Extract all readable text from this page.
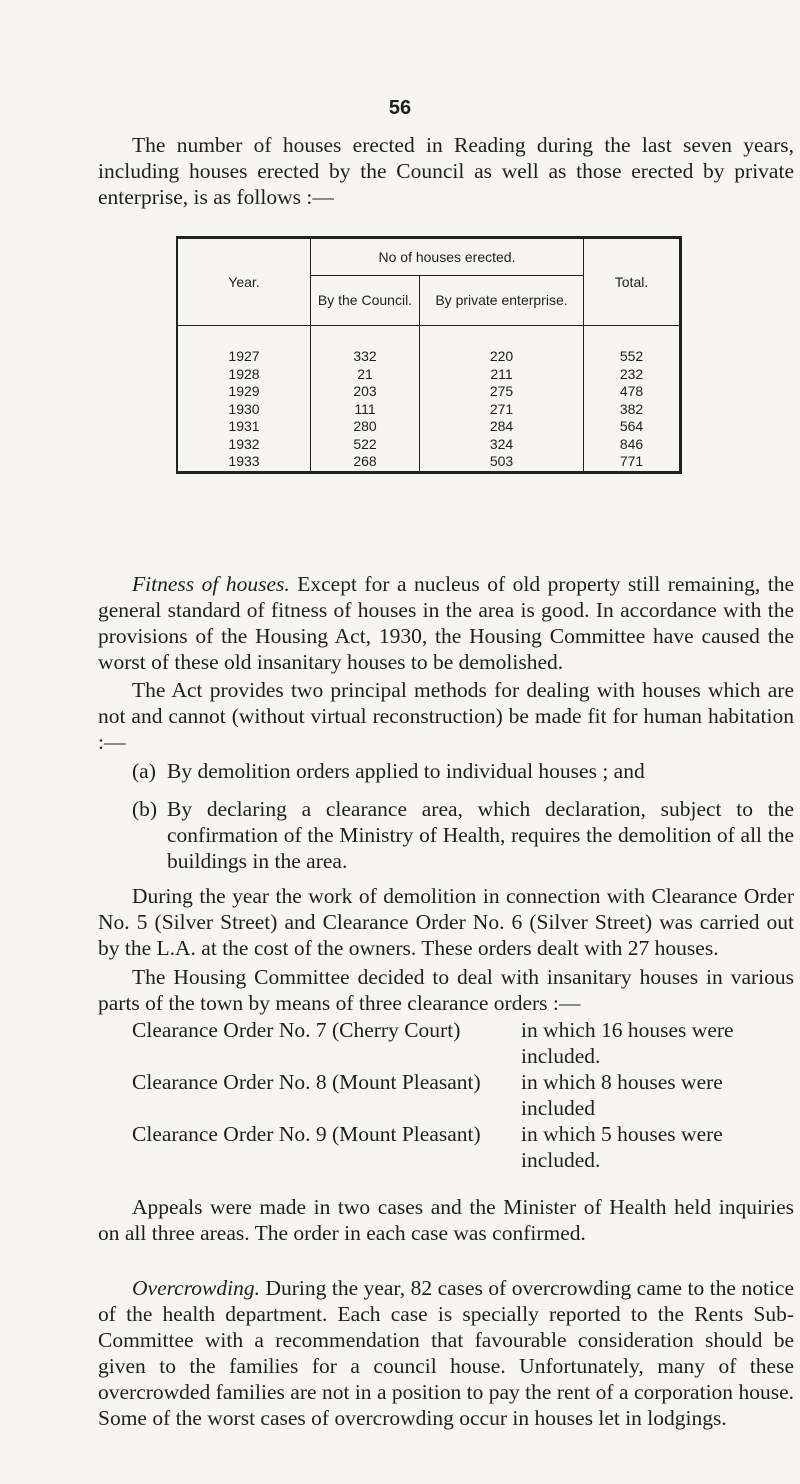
56

The number of houses erected in Reading during the last seven years, including houses erected by the Council as well as those erected by private enterprise, is as follows :—

Year.	No of houses erected.		Total.
	By the Council.	By private enterprise.	
1927	332	220	552
1928	21	211	232
1929	203	275	478
1930	111	271	382
1931	280	284	564
1932	522	324	846
1933	268	503	771

Fitness of houses. Except for a nucleus of old property still remaining, the general standard of fitness of houses in the area is good. In accordance with the provisions of the Housing Act, 1930, the Housing Committee have caused the worst of these old insanitary houses to be demolished.

The Act provides two principal methods for dealing with houses which are not and cannot (without virtual reconstruction) be made fit for human habitation :—

(a) By demolition orders applied to individual houses ; and
(b) By declaring a clearance area, which declaration, subject to the confirmation of the Ministry of Health, requires the demolition of all the buildings in the area.

During the year the work of demolition in connection with Clearance Order No. 5 (Silver Street) and Clearance Order No. 6 (Silver Street) was carried out by the L.A. at the cost of the owners. These orders dealt with 27 houses.

The Housing Committee decided to deal with insanitary houses in various parts of the town by means of three clearance orders :—

Clearance Order No. 7 (Cherry Court)	in which 16 houses were included.
Clearance Order No. 8 (Mount Pleasant)	in which 8 houses were included
Clearance Order No. 9 (Mount Pleasant)	in which 5 houses were included.

Appeals were made in two cases and the Minister of Health held inquiries on all three areas. The order in each case was confirmed.

Overcrowding. During the year, 82 cases of overcrowding came to the notice of the health department. Each case is specially reported to the Rents Sub-Committee with a recommendation that favourable consideration should be given to the families for a council house. Unfortunately, many of these overcrowded families are not in a position to pay the rent of a corporation house. Some of the worst cases of overcrowding occur in houses let in lodgings.
